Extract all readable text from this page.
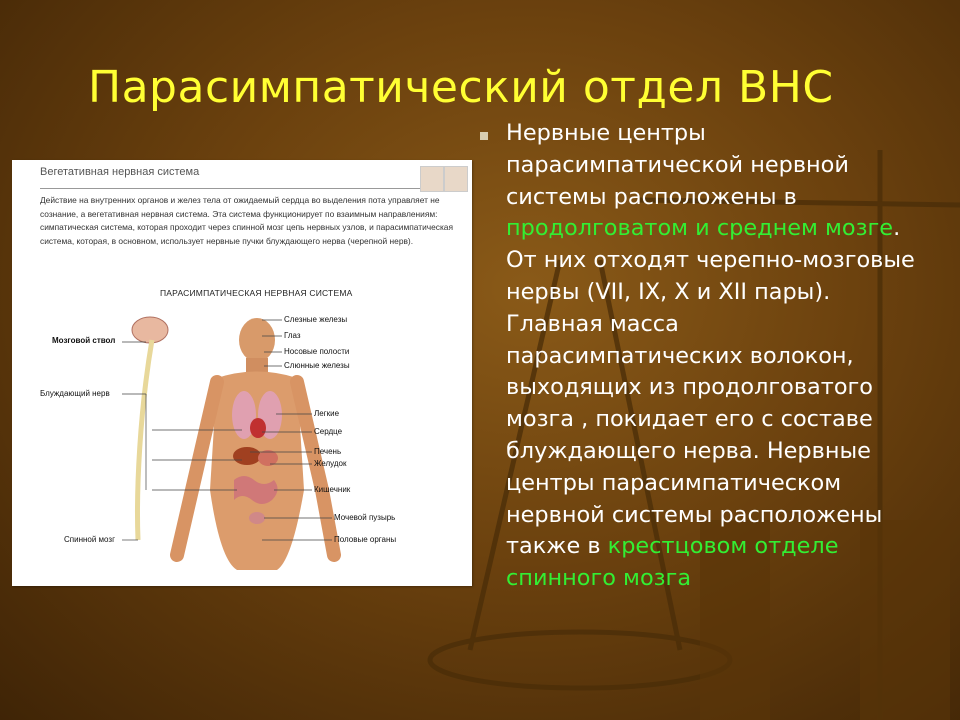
Парасимпатический отдел ВНС
Вегетативная нервная система
Действие на внутренних органов и желез тела от ожидаемый сердца во выделения пота управляет не
сознание, а вегетативная нервная система. Эта система функционирует по взаимным направлениям:
симпатическая система, которая проходит через спинной мозг цепь нервных узлов, и парасимпатическая
система, которая, в основном, использует нервные пучки блуждающего нерва (черепной нерв).
ПАРАСИМПАТИЧЕСКАЯ НЕРВНАЯ СИСТЕМА
Мозговой ствол
Блуждающий нерв
Спинной мозг
Слезные железы
Глаз
Носовые полости
Слюнные железы
Легкие
Сердце
Печень
Желудок
Кишечник
Мочевой пузырь
Половые органы
Нервные центры парасимпатической нервной системы расположены в продолговатом и среднем мозге. От них отходят черепно-мозговые нервы (VII, IX, X и XII пары). Главная масса парасимпатических волокон, выходящих из продолговатого мозга , покидает его с составе блуждающего нерва. Нервные центры парасимпатическом нервной системы расположены также в крестцовом отделе спинного мозга
